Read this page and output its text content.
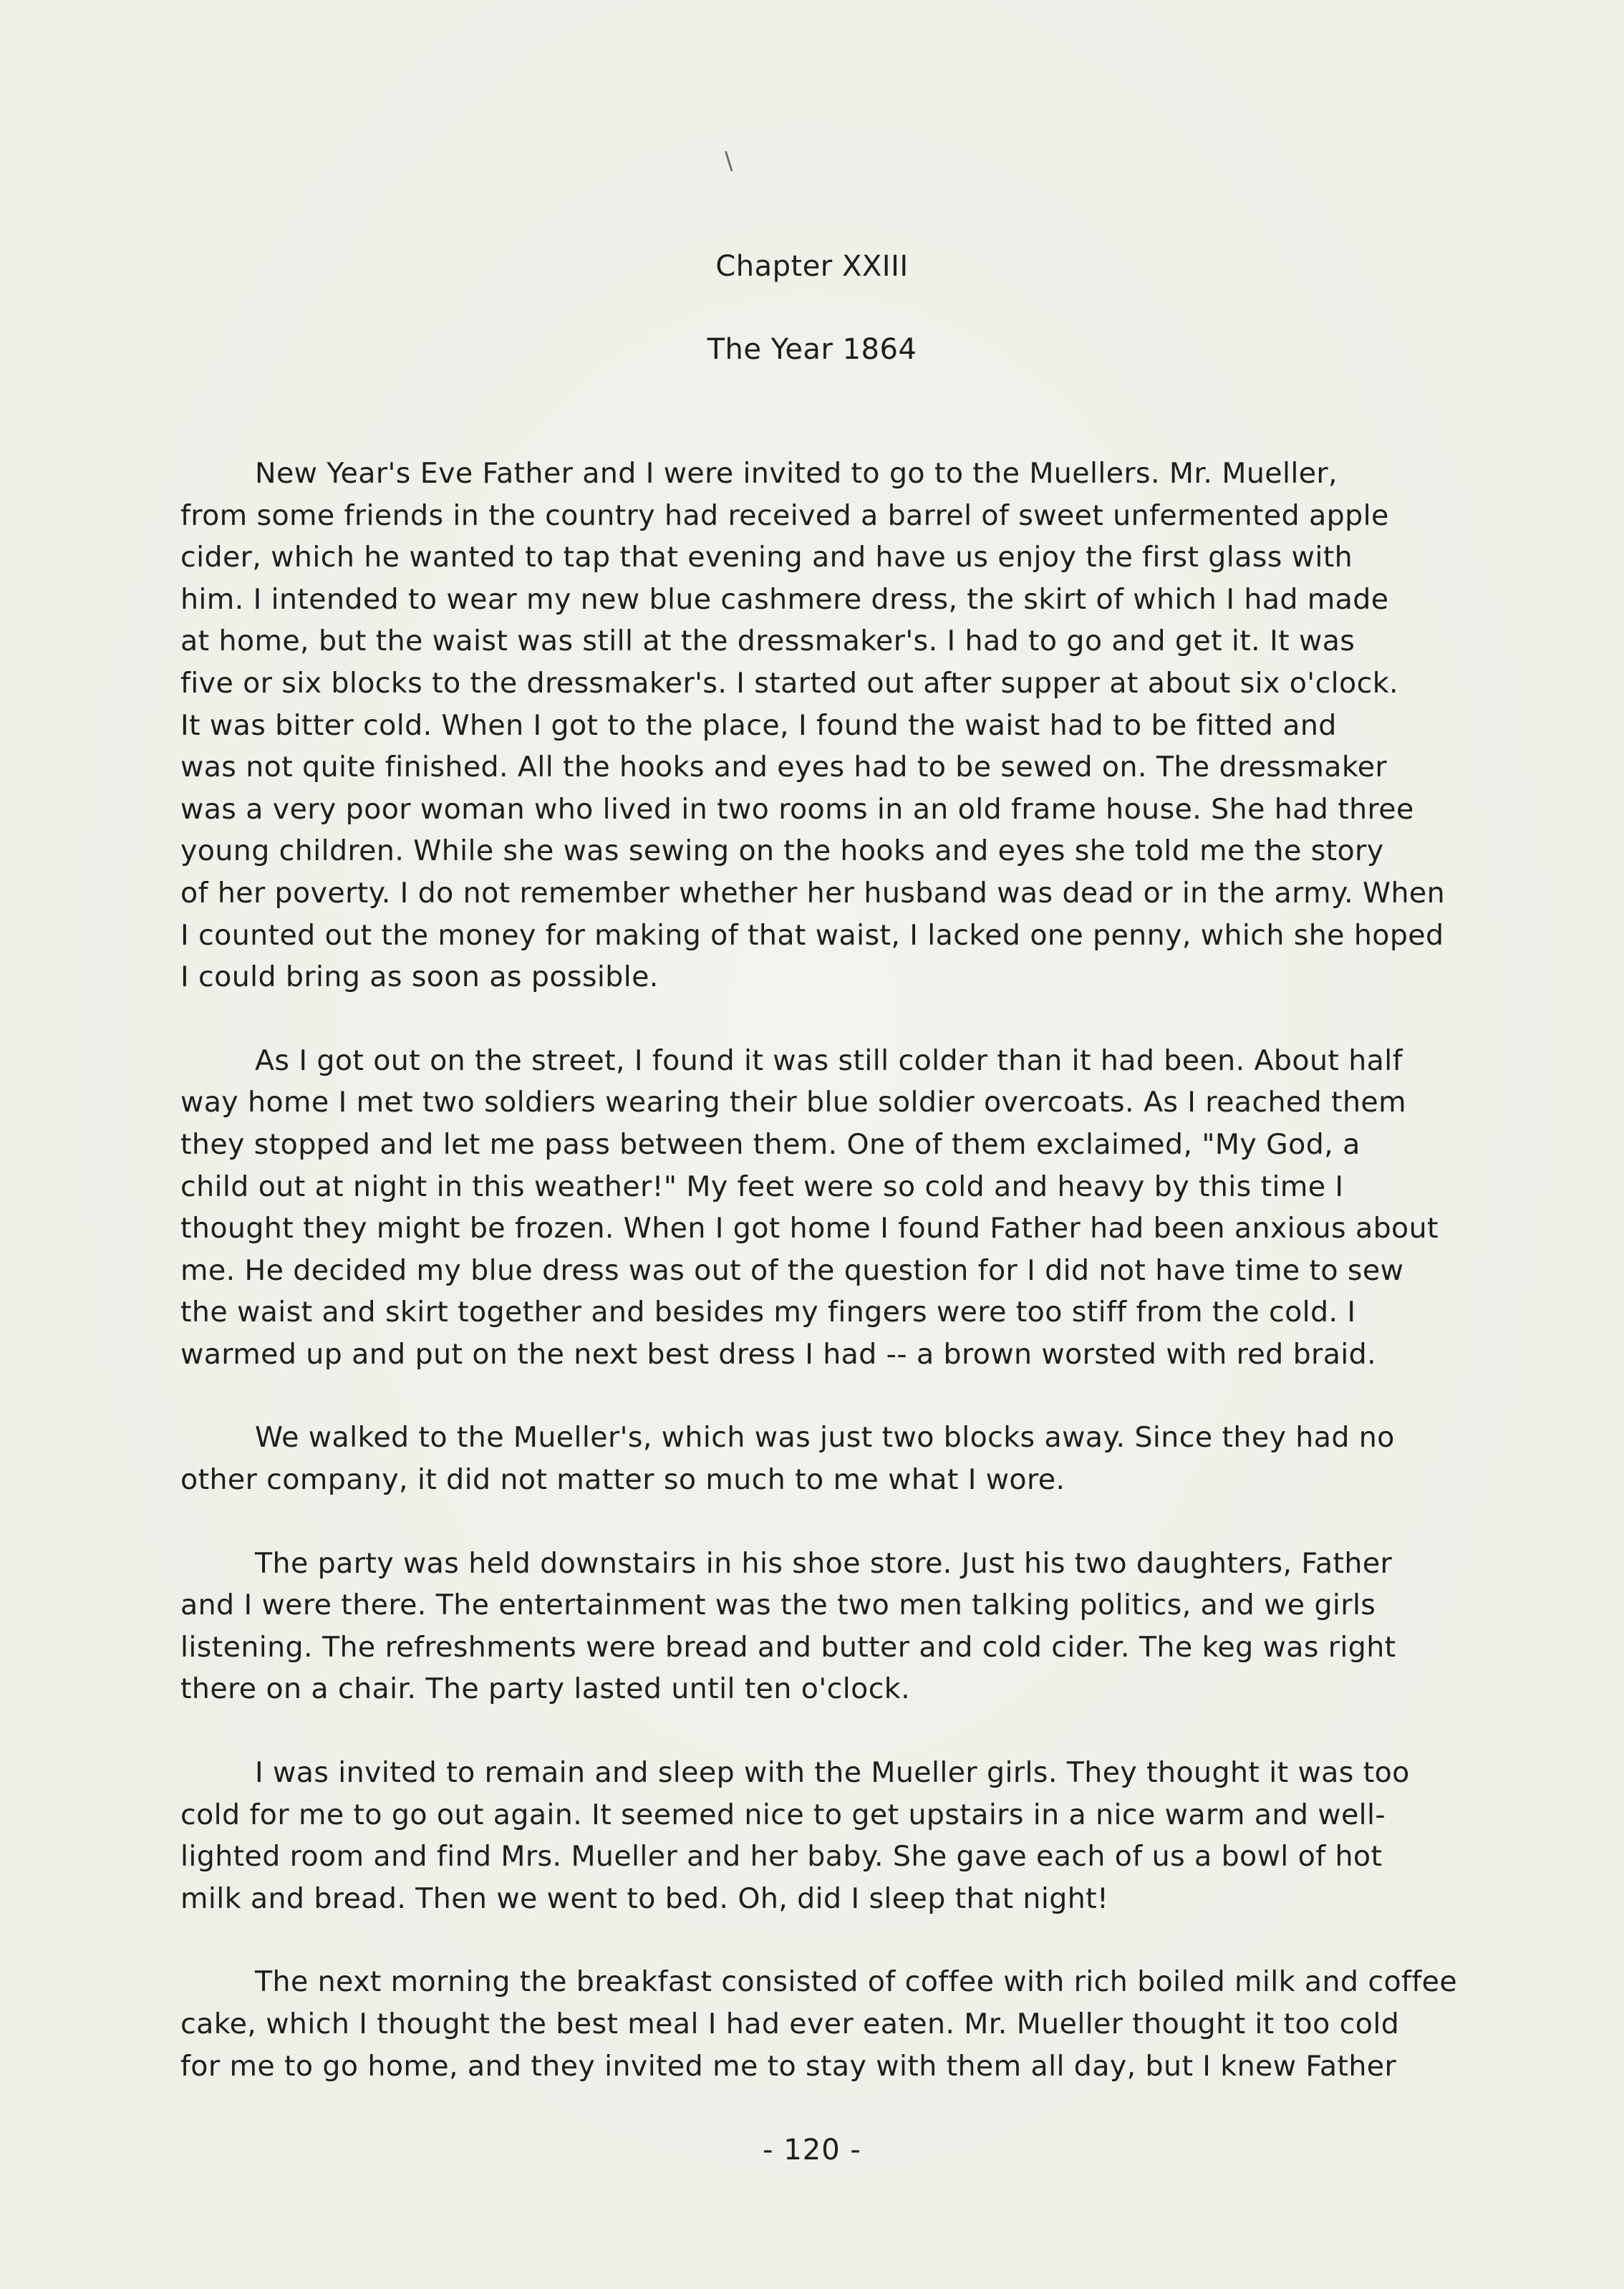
\
Chapter XXIII
The Year 1864

New Year's Eve Father and I were invited to go to the Muellers. Mr. Mueller,
from some friends in the country had received a barrel of sweet unfermented apple
cider, which he wanted to tap that evening and have us enjoy the first glass with
him. I intended to wear my new blue cashmere dress, the skirt of which I had made
at home, but the waist was still at the dressmaker's. I had to go and get it. It was
five or six blocks to the dressmaker's. I started out after supper at about six o'clock.
It was bitter cold. When I got to the place, I found the waist had to be fitted and
was not quite finished. All the hooks and eyes had to be sewed on. The dressmaker
was a very poor woman who lived in two rooms in an old frame house. She had three
young children. While she was sewing on the hooks and eyes she told me the story
of her poverty. I do not remember whether her husband was dead or in the army. When
I counted out the money for making of that waist, I lacked one penny, which she hoped
I could bring as soon as possible.

As I got out on the street, I found it was still colder than it had been. About half
way home I met two soldiers wearing their blue soldier overcoats. As I reached them
they stopped and let me pass between them. One of them exclaimed, "My God, a
child out at night in this weather!" My feet were so cold and heavy by this time I
thought they might be frozen. When I got home I found Father had been anxious about
me. He decided my blue dress was out of the question for I did not have time to sew
the waist and skirt together and besides my fingers were too stiff from the cold. I
warmed up and put on the next best dress I had -- a brown worsted with red braid.

We walked to the Mueller's, which was just two blocks away. Since they had no
other company, it did not matter so much to me what I wore.

The party was held downstairs in his shoe store. Just his two daughters, Father
and I were there. The entertainment was the two men talking politics, and we girls
listening. The refreshments were bread and butter and cold cider. The keg was right
there on a chair. The party lasted until ten o'clock.

I was invited to remain and sleep with the Mueller girls. They thought it was too
cold for me to go out again. It seemed nice to get upstairs in a nice warm and well-
lighted room and find Mrs. Mueller and her baby. She gave each of us a bowl of hot
milk and bread. Then we went to bed. Oh, did I sleep that night!

The next morning the breakfast consisted of coffee with rich boiled milk and coffee
cake, which I thought the best meal I had ever eaten. Mr. Mueller thought it too cold
for me to go home, and they invited me to stay with them all day, but I knew Father

- 120 -
